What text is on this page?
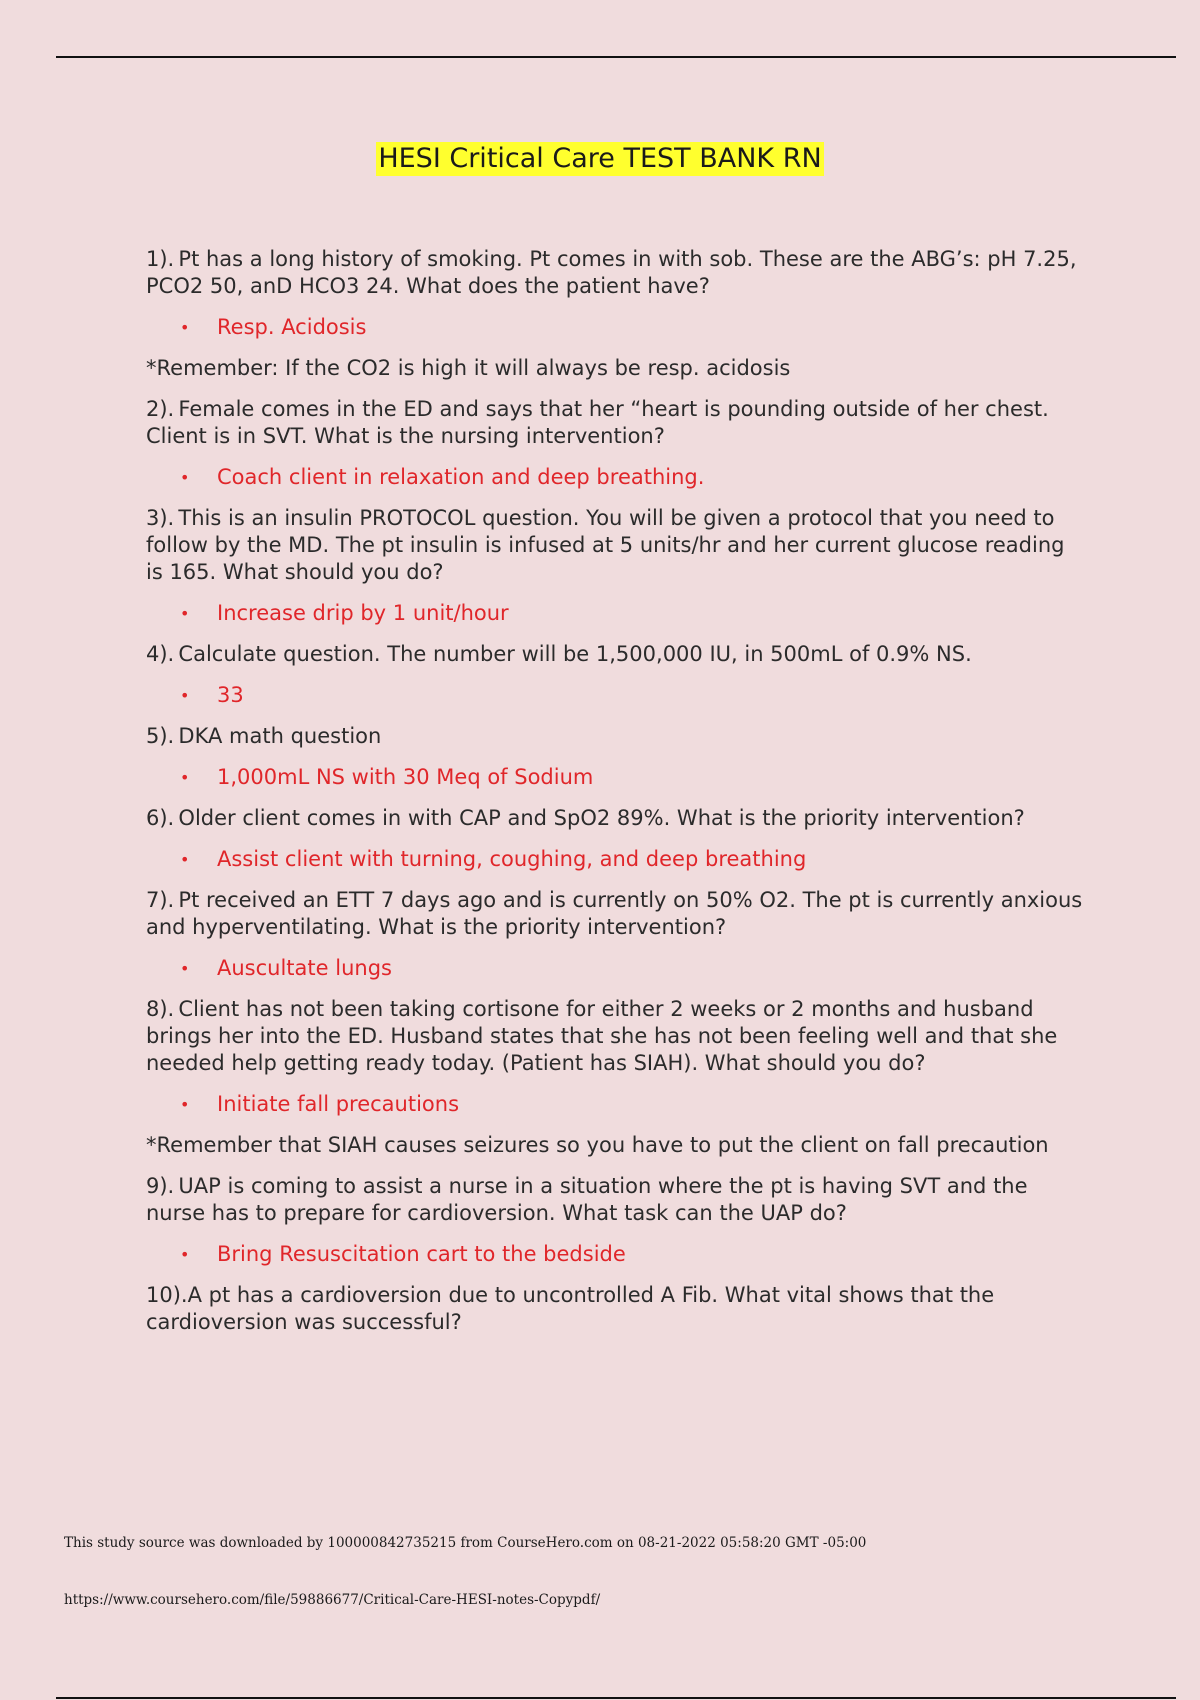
HESI Critical Care TEST BANK RN

1). Pt has a long history of smoking. Pt comes in with sob. These are the ABG’s: pH 7.25, PCO2 50, anD HCO3 24. What does the patient have?

• Resp. Acidosis

*Remember: If the CO2 is high it will always be resp. acidosis

2). Female comes in the ED and says that her “heart is pounding outside of her chest. Client is in SVT. What is the nursing intervention?

• Coach client in relaxation and deep breathing.

3). This is an insulin PROTOCOL question. You will be given a protocol that you need to follow by the MD. The pt insulin is infused at 5 units/hr and her current glucose reading is 165. What should you do?

• Increase drip by 1 unit/hour

4). Calculate question. The number will be 1,500,000 IU, in 500mL of 0.9% NS.

• 33

5). DKA math question

• 1,000mL NS with 30 Meq of Sodium

6). Older client comes in with CAP and SpO2 89%. What is the priority intervention?

• Assist client with turning, coughing, and deep breathing

7). Pt received an ETT 7 days ago and is currently on 50% O2. The pt is currently anxious and hyperventilating. What is the priority intervention?

• Auscultate lungs

8). Client has not been taking cortisone for either 2 weeks or 2 months and husband brings her into the ED. Husband states that she has not been feeling well and that she needed help getting ready today. (Patient has SIAH). What should you do?

• Initiate fall precautions

*Remember that SIAH causes seizures so you have to put the client on fall precaution

9). UAP is coming to assist a nurse in a situation where the pt is having SVT and the nurse has to prepare for cardioversion. What task can the UAP do?

• Bring Resuscitation cart to the bedside

10).A pt has a cardioversion due to uncontrolled A Fib. What vital shows that the cardioversion was successful?

This study source was downloaded by 100000842735215 from CourseHero.com on 08-21-2022 05:58:20 GMT -05:00
https://www.coursehero.com/file/59886677/Critical-Care-HESI-notes-Copypdf/
